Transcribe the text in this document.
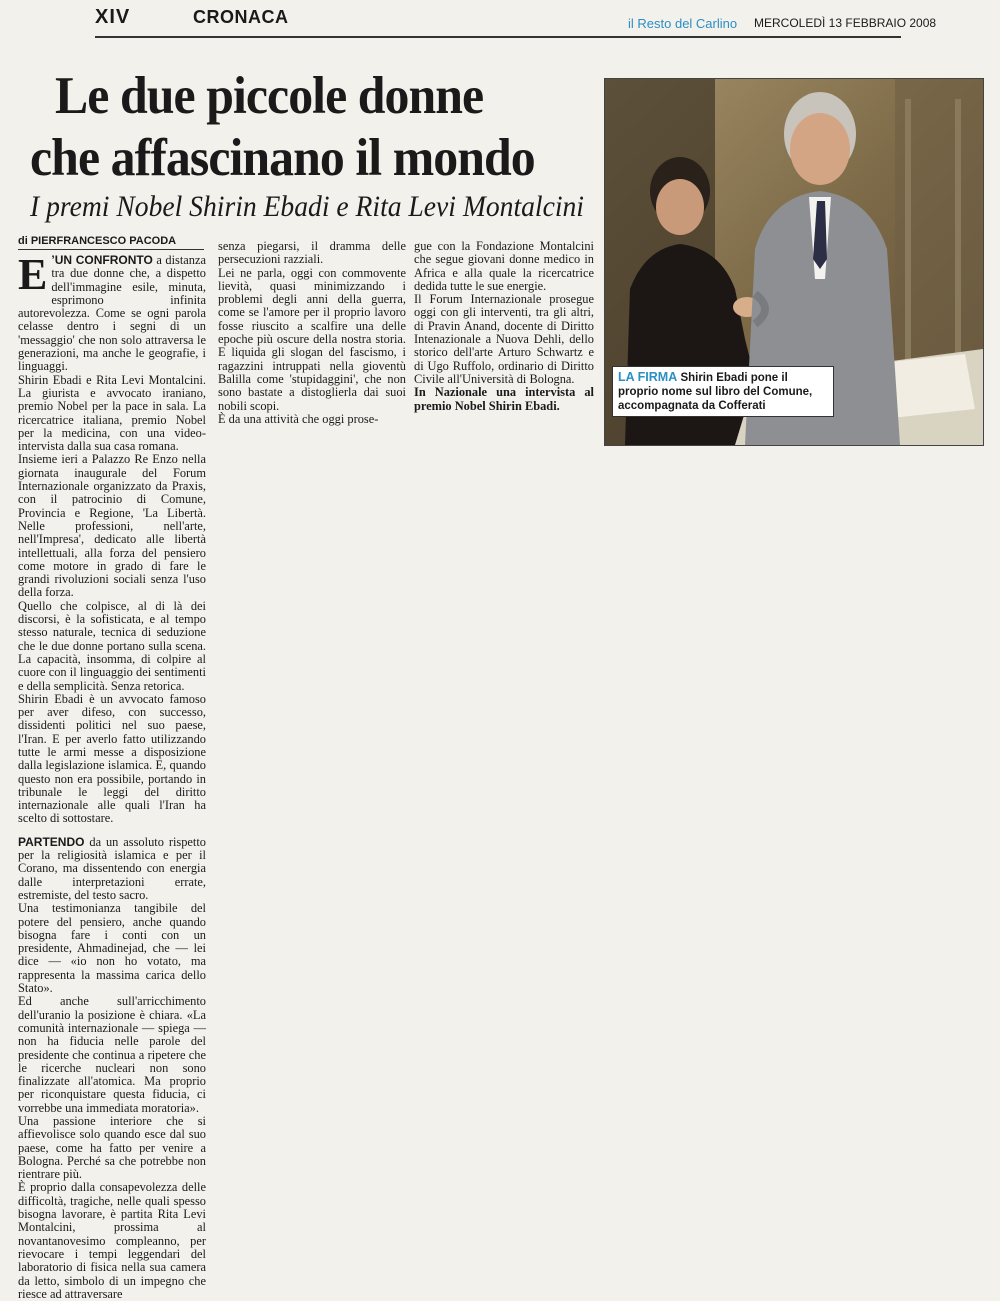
XIV	CRONACA	il Resto del Carlino MERCOLEDÌ 13 FEBBRAIO 2008
Le due piccole donne
che affascinano il mondo
I premi Nobel Shirin Ebadi e Rita Levi Montalcini
di PIERFRANCESCO PACODA

E ’UN CONFRONTO a distanza tra due donne che, a dispetto dell'immagine esile, minuta, esprimono infinita autorevolezza. Come se ogni parola celasse dentro i segni di un 'messaggio' che non solo attraversa le generazioni, ma anche le geografie, i linguaggi.

Shirin Ebadi e Rita Levi Montalcini. La giurista e avvocato iraniano, premio Nobel per la pace in sala. La ricercatrice italiana, premio Nobel per la medicina, con una video-intervista dalla sua casa romana.

Insieme ieri a Palazzo Re Enzo nella giornata inaugurale del Forum Internazionale organizzato da Praxis, con il patrocinio di Comune, Provincia e Regione, 'La Libertà. Nelle professioni, nell'arte, nell'Impresa', dedicato alle libertà intellettuali, alla forza del pensiero come motore in grado di fare le grandi rivoluzioni sociali senza l'uso della forza.

Quello che colpisce, al di là dei discorsi, è la sofisticata, e al tempo stesso naturale, tecnica di seduzione che le due donne portano sulla scena. La capacità, insomma, di colpire al cuore con il linguaggio dei sentimenti e della semplicità. Senza retorica.

Shirin Ebadi è un avvocato famoso per aver difeso, con successo, dissidenti politici nel suo paese, l'Iran. E per averlo fatto utilizzando tutte le armi messe a disposizione dalla legislazione islamica. E, quando questo non era possibile, portando in tribunale le leggi del diritto internazionale alle quali l'Iran ha scelto di sottostare.

PARTENDO da un assoluto rispetto per la religiosità islamica e per il Corano, ma dissentendo con energia dalle interpretazioni errate, estremiste, del testo sacro.

Una testimonianza tangibile del potere del pensiero, anche quando bisogna fare i conti con un presidente, Ahmadinejad, che — lei dice — «io non ho votato, ma rappresenta la massima carica dello Stato».

Ed anche sull'arricchimento dell'uranio la posizione è chiara. «La comunità internazionale — spiega — non ha fiducia nelle parole del presidente che continua a ripetere che le ricerche nucleari non sono finalizzate all'atomica. Ma proprio per riconquistare questa fiducia, ci vorrebbe una immediata moratoria».

Una passione interiore che si affievolisce solo quando esce dal suo paese, come ha fatto per venire a Bologna. Perché sa che potrebbe non rientrare più.

È proprio dalla consapevolezza delle difficoltà, tragiche, nelle quali spesso bisogna lavorare, è partita Rita Levi Montalcini, prossima al novantanovesimo compleanno, per rievocare i tempi leggendari del laboratorio di fisica nella sua camera da letto, simbolo di un impegno che riesce ad attraversare

senza piegarsi, il dramma delle persecuzioni razziali.

Lei ne parla, oggi con commovente lievità, quasi minimizzando i problemi degli anni della guerra, come se l'amore per il proprio lavoro fosse riuscito a scalfire una delle epoche più oscure della nostra storia. E liquida gli slogan del fascismo, i ragazzini intruppati nella gioventù Balilla come 'stupidaggini', che non sono bastate a distoglierla dai suoi nobili scopi.

È da una attività che oggi prose-

gue con la Fondazione Montalcini che segue giovani donne medico in Africa e alla quale la ricercatrice dedida tutte le sue energie.

Il Forum Internazionale prosegue oggi con gli interventi, tra gli altri, di Pravin Anand, docente di Diritto Intenazionale a Nuova Dehli, dello storico dell'arte Arturo Schwartz e di Ugo Ruffolo, ordinario di Diritto Civile all'Università di Bologna.

In Nazionale una intervista al premio Nobel Shirin Ebadi.

LA FIRMA Shirin Ebadi pone il proprio nome sul libro del Comune, accompagnata da Cofferati
